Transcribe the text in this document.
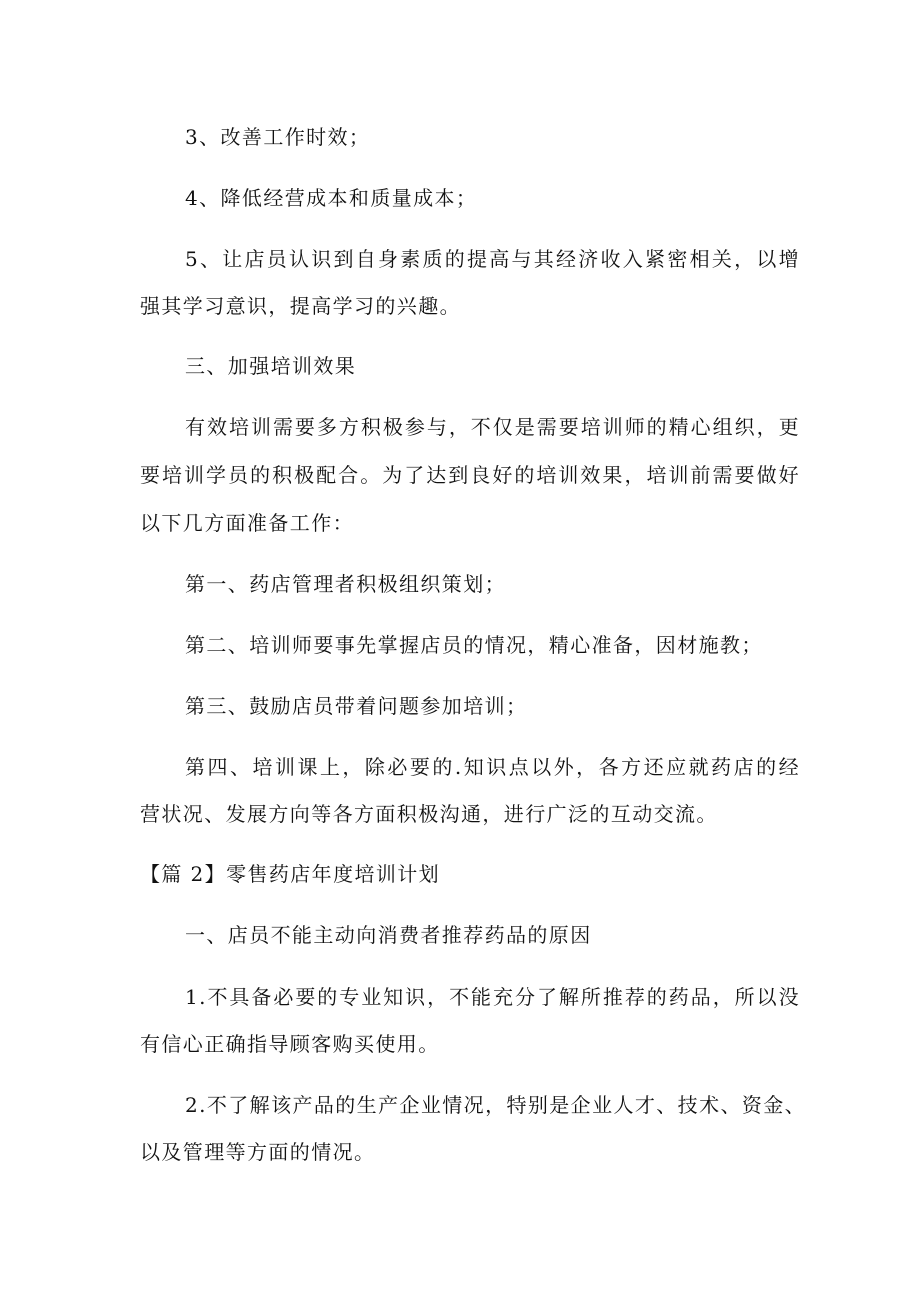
3、改善工作时效；

4、降低经营成本和质量成本；

5、让店员认识到自身素质的提高与其经济收入紧密相关，以增

强其学习意识，提高学习的兴趣。

三、加强培训效果

有效培训需要多方积极参与，不仅是需要培训师的精心组织，更

要培训学员的积极配合。为了达到良好的培训效果，培训前需要做好

以下几方面准备工作：

第一、药店管理者积极组织策划；

第二、培训师要事先掌握店员的情况，精心准备，因材施教；

第三、鼓励店员带着问题参加培训；

第四、培训课上，除必要的.知识点以外，各方还应就药店的经

营状况、发展方向等各方面积极沟通，进行广泛的互动交流。

【篇 2】零售药店年度培训计划

一、店员不能主动向消费者推荐药品的原因

1.不具备必要的专业知识，不能充分了解所推荐的药品，所以没

有信心正确指导顾客购买使用。

2.不了解该产品的生产企业情况，特别是企业人才、技术、资金、

以及管理等方面的情况。
